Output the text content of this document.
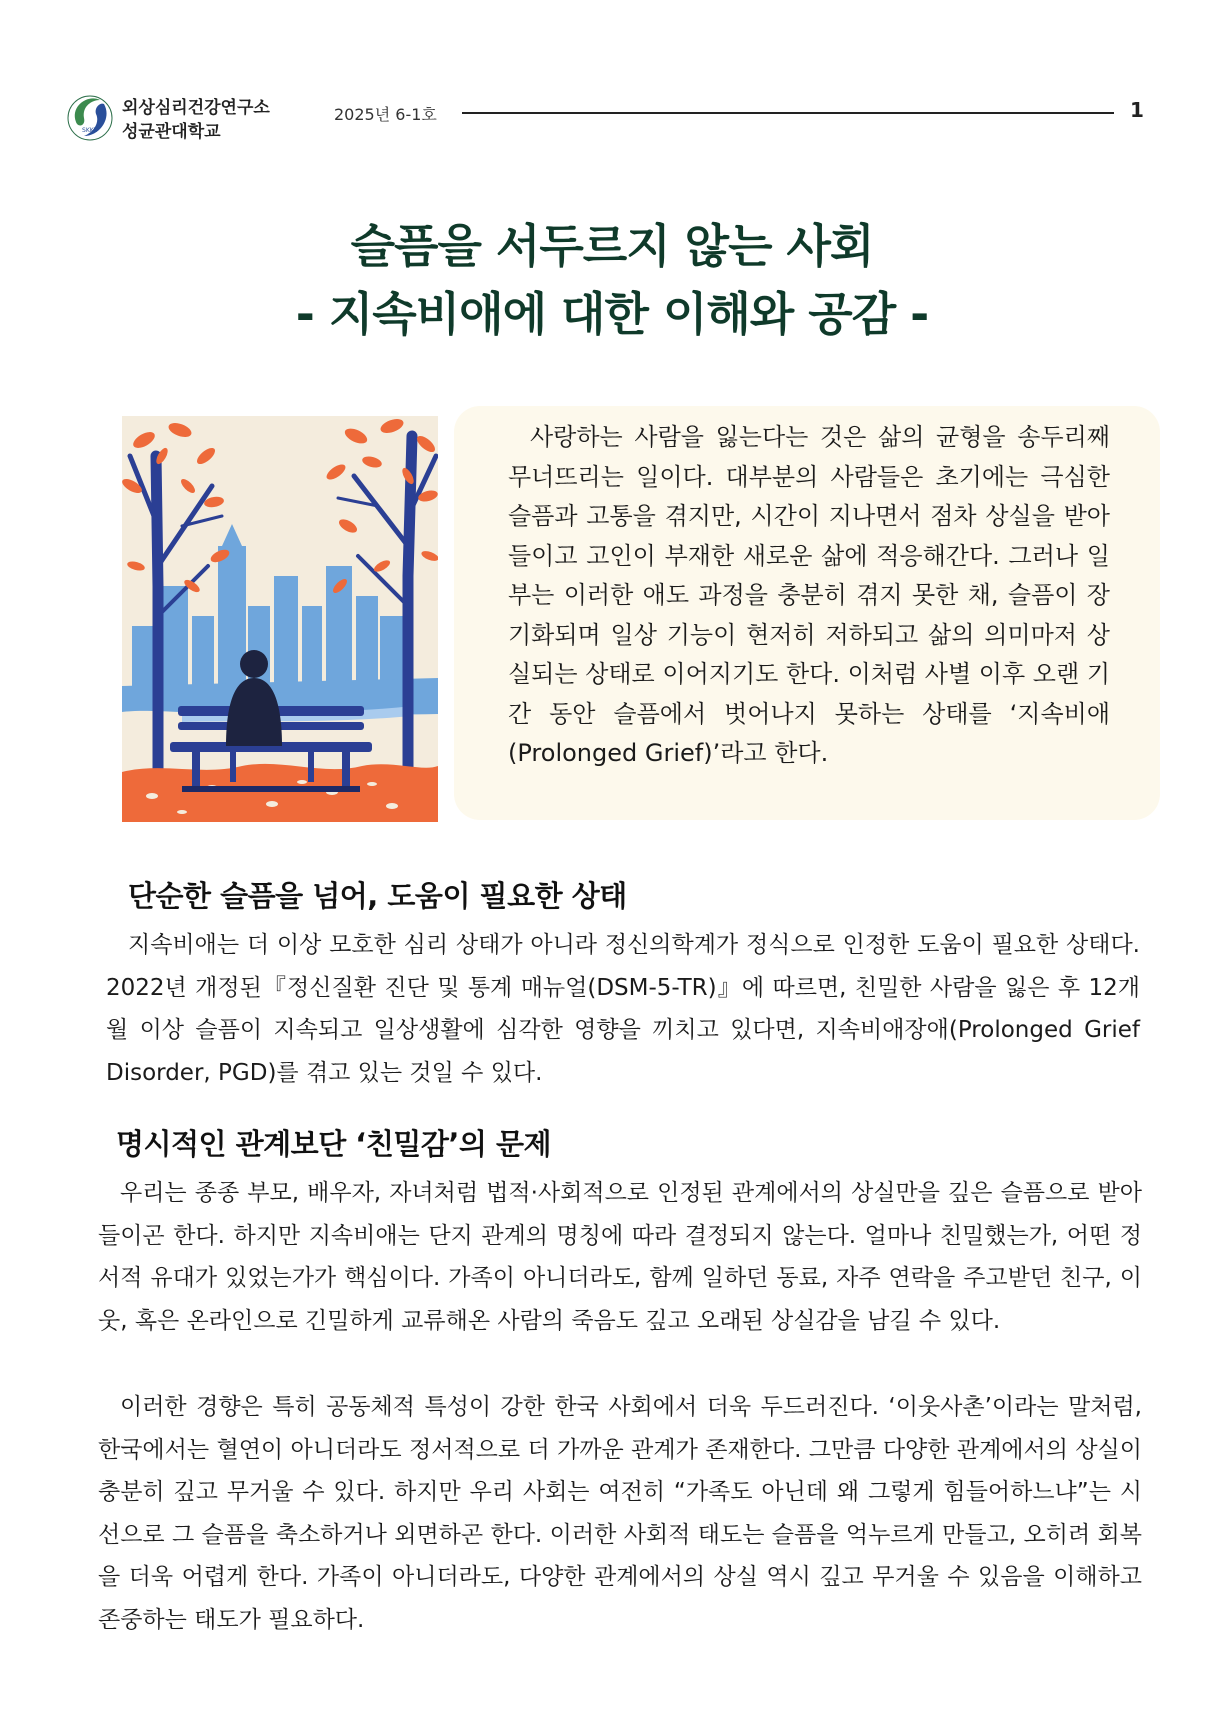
SKKU
외상심리건강연구소
성균관대학교
2025년 6-1호	1
슬픔을 서두르지 않는 사회
- 지속비애에 대한 이해와 공감 -

사랑하는 사람을 잃는다는 것은 삶의 균형을 송두리째 무너뜨리는 일이다. 대부분의 사람들은 초기에는 극심한 슬픔과 고통을 겪지만, 시간이 지나면서 점차 상실을 받아들이고 고인이 부재한 새로운 삶에 적응해간다. 그러나 일부는 이러한 애도 과정을 충분히 겪지 못한 채, 슬픔이 장기화되며 일상 기능이 현저히 저하되고 삶의 의미마저 상실되는 상태로 이어지기도 한다. 이처럼 사별 이후 오랜 기간 동안 슬픔에서 벗어나지 못하는 상태를 ‘지속비애(Prolonged Grief)’라고 한다.

단순한 슬픔을 넘어, 도움이 필요한 상태

지속비애는 더 이상 모호한 심리 상태가 아니라 정신의학계가 정식으로 인정한 도움이 필요한 상태다. 2022년 개정된『정신질환 진단 및 통계 매뉴얼(DSM-5-TR)』에 따르면, 친밀한 사람을 잃은 후 12개월 이상 슬픔이 지속되고 일상생활에 심각한 영향을 끼치고 있다면, 지속비애장애(Prolonged Grief Disorder, PGD)를 겪고 있는 것일 수 있다.

명시적인 관계보단 ‘친밀감’의 문제

우리는 종종 부모, 배우자, 자녀처럼 법적·사회적으로 인정된 관계에서의 상실만을 깊은 슬픔으로 받아들이곤 한다. 하지만 지속비애는 단지 관계의 명칭에 따라 결정되지 않는다. 얼마나 친밀했는가, 어떤 정서적 유대가 있었는가가 핵심이다. 가족이 아니더라도, 함께 일하던 동료, 자주 연락을 주고받던 친구, 이웃, 혹은 온라인으로 긴밀하게 교류해온 사람의 죽음도 깊고 오래된 상실감을 남길 수 있다.

이러한 경향은 특히 공동체적 특성이 강한 한국 사회에서 더욱 두드러진다. ‘이웃사촌’이라는 말처럼, 한국에서는 혈연이 아니더라도 정서적으로 더 가까운 관계가 존재한다. 그만큼 다양한 관계에서의 상실이 충분히 깊고 무거울 수 있다. 하지만 우리 사회는 여전히 “가족도 아닌데 왜 그렇게 힘들어하느냐”는 시선으로 그 슬픔을 축소하거나 외면하곤 한다. 이러한 사회적 태도는 슬픔을 억누르게 만들고, 오히려 회복을 더욱 어렵게 한다. 가족이 아니더라도, 다양한 관계에서의 상실 역시 깊고 무거울 수 있음을 이해하고 존중하는 태도가 필요하다.
